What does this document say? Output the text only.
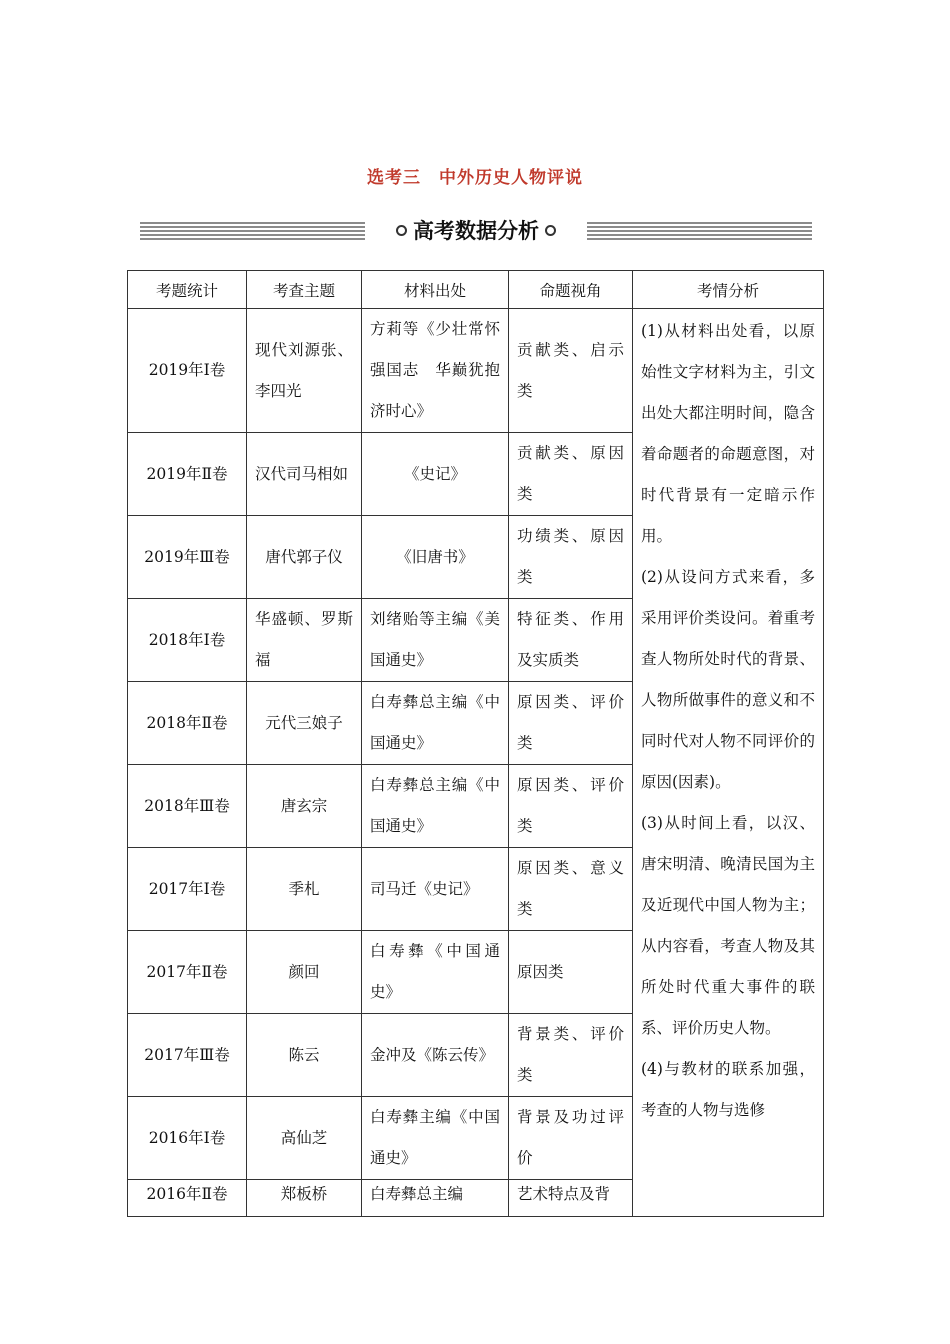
选考三　中外历史人物评说
高考数据分析
考题统计	考查主题	材料出处	命题视角	考情分析

2019年Ⅰ卷	现代刘源张、李四光	方莉等《少壮常怀强国志　华巅犹抱济时心》	贡献类、启示类	(1)从材料出处看，以原始性文字材料为主，引文出处大都注明时间，隐含着命题者的命题意图，对时代背景有一定暗示作用。

(2)从设问方式来看，多采用评价类设问。着重考查人物所处时代的背景、人物所做事件的意义和不同时代对人物不同评价的原因(因素)。

(3)从时间上看，以汉、唐宋明清、晚清民国为主及近现代中国人物为主；从内容看，考查人物及其所处时代重大事件的联系、评价历史人物。

(4)与教材的联系加强，考查的人物与选修

2019年Ⅱ卷	汉代司马相如	《史记》	贡献类、原因类	

2019年Ⅲ卷	唐代郭子仪	《旧唐书》	功绩类、原因类	

2018年Ⅰ卷	华盛顿、罗斯福	刘绪贻等主编《美国通史》	特征类、作用及实质类	

2018年Ⅱ卷	元代三娘子	白寿彝总主编《中国通史》	原因类、评价类	

2018年Ⅲ卷	唐玄宗	白寿彝总主编《中国通史》	原因类、评价类	

2017年Ⅰ卷	季札	司马迁《史记》	原因类、意义类	

2017年Ⅱ卷	颜回	白寿彝《中国通史》	原因类	

2017年Ⅲ卷	陈云	金冲及《陈云传》	背景类、评价类	

2016年Ⅰ卷	高仙芝	白寿彝主编《中国通史》	背景及功过评价	

2016年Ⅱ卷	郑板桥	白寿彝总主编	艺术特点及背	
